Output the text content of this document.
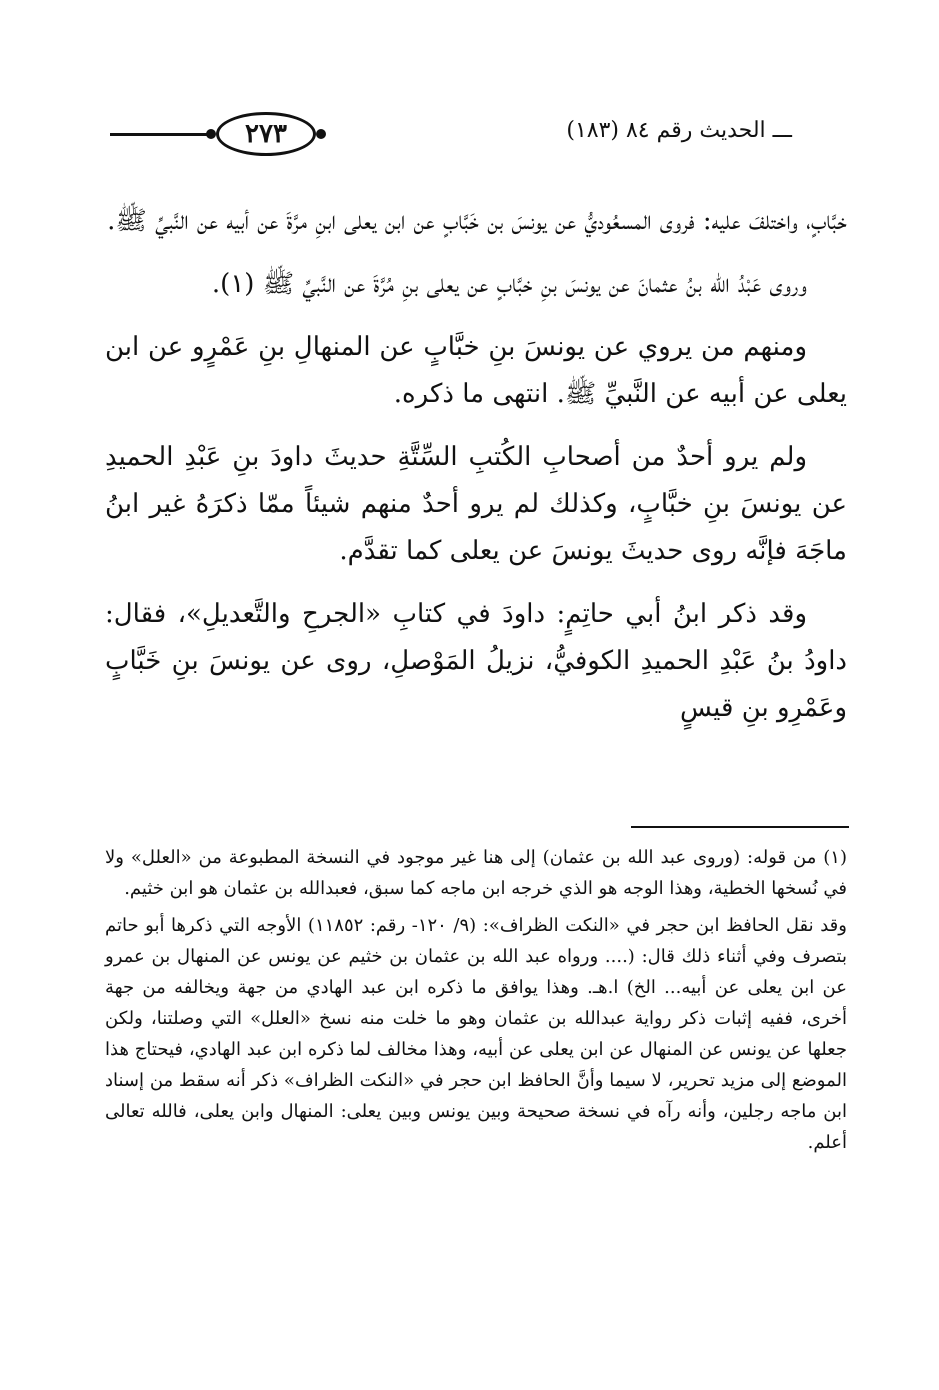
٢٧٣	ـــ الحديث رقم ٨٤ (١٨٣)

خبَّابٍ، واختلفَ عليه: فروى المسعُوديُّ عن يونسَ بن خَبَّابٍ عن ابن يعلى ابنِ مرَّةَ عن أبيه عن النَّبيِّ ﷺ.

وروى عَبْدُ الله بنُ عثمانَ عن يونسَ بنِ خبَّابٍ عن يعلى بنِ مُرَّةَ عن النَّبيِّ ﷺ (١).

ومنهم من يروي عن يونسَ بنِ خبَّابٍ عن المنهالِ بنِ عَمْرٍو عن ابن يعلى عن أبيه عن النَّبيِّ ﷺ. انتهى ما ذكره.

ولم يرو أحدٌ من أصحابِ الكُتبِ السِّتَّةِ حديثَ داودَ بنِ عَبْدِ الحميدِ عن يونسَ بنِ خبَّابٍ، وكذلك لم يرو أحدٌ منهم شيئاً ممّا ذكرَهُ غير ابنُ ماجَهَ فإنَّه روى حديثَ يونسَ عن يعلى كما تقدَّم.

وقد ذكر ابنُ أبي حاتِمٍ: داودَ في كتابِ «الجرحِ والتَّعديلِ»، فقال: داودُ بنُ عَبْدِ الحميدِ الكوفيُّ، نزيلُ المَوْصلِ، روى عن يونسَ بنِ خَبَّابٍ وعَمْرِو بنِ قيسٍ

(١) من قوله: (وروى عبد الله بن عثمان) إلى هنا غير موجود في النسخة المطبوعة من «العلل» ولا في نُسخها الخطية، وهذا الوجه هو الذي خرجه ابن ماجه كما سبق، فعبدالله بن عثمان هو ابن خثيم.

وقد نقل الحافظ ابن حجر في «النكت الظراف»: (٩/ ١٢٠- رقم: ١١٨٥٢) الأوجه التي ذكرها أبو حاتم بتصرف وفي أثناء ذلك قال: (.... ورواه عبد الله بن عثمان بن خثيم عن يونس عن المنهال بن عمرو عن ابن يعلى عن أبيه... الخ) ا.هـ. وهذا يوافق ما ذكره ابن عبد الهادي من جهة ويخالفه من جهة أخرى، ففيه إثبات ذكر رواية عبدالله بن عثمان وهو ما خلت منه نسخ «العلل» التي وصلتنا، ولكن جعلها عن يونس عن المنهال عن ابن يعلى عن أبيه، وهذا مخالف لما ذكره ابن عبد الهادي، فيحتاج هذا الموضع إلى مزيد تحرير، لا سيما وأنَّ الحافظ ابن حجر في «النكت الظراف» ذكر أنه سقط من إسناد ابن ماجه رجلين، وأنه رآه في نسخة صحيحة وبين يونس وبين يعلى: المنهال وابن يعلى، فالله تعالى أعلم.
